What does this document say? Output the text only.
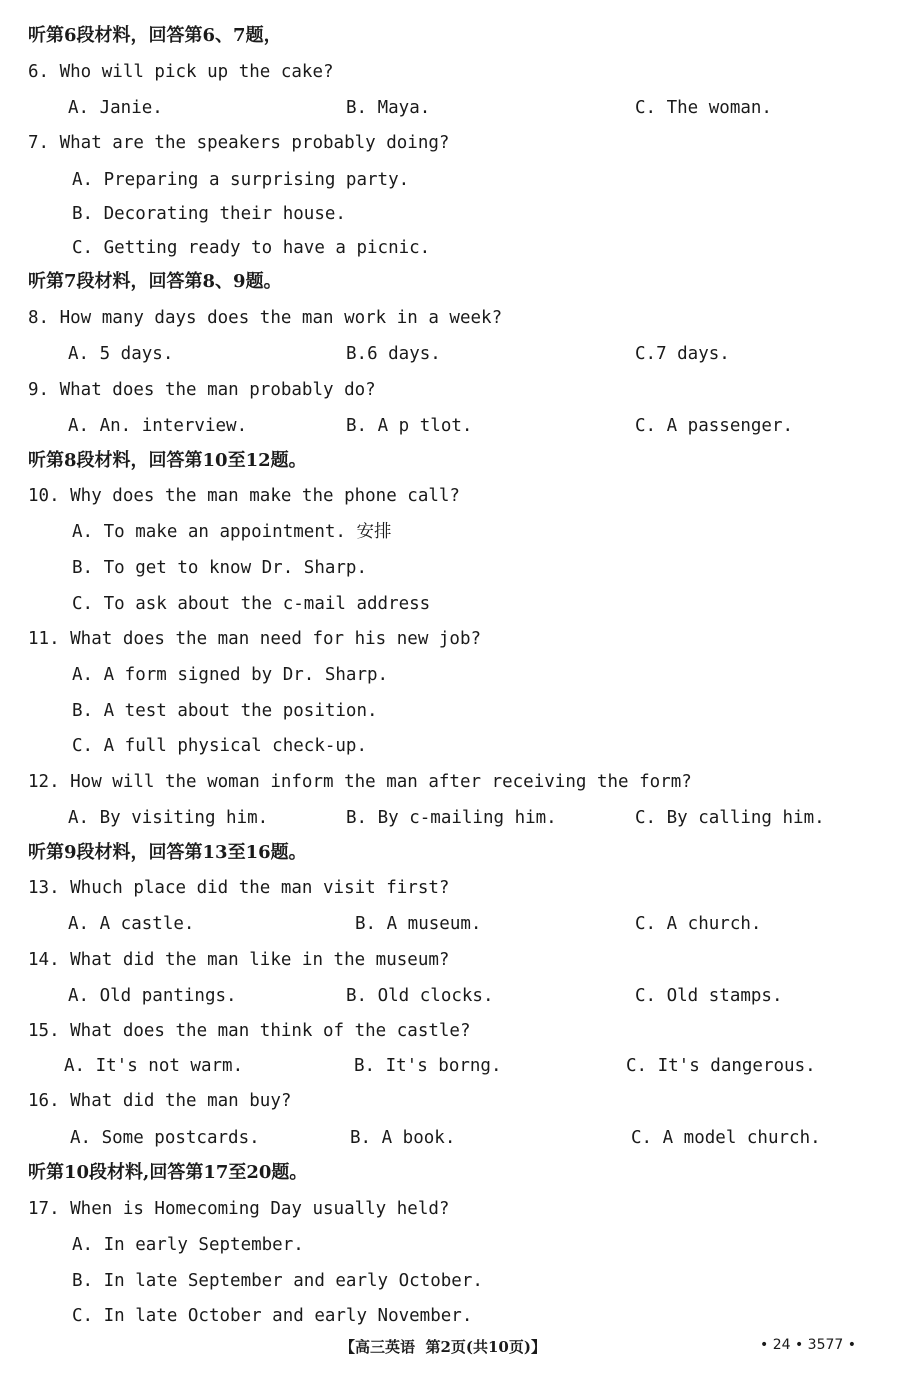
听第6段材料，回答第6、7题，
6. Who will pick up the cake?
A. Janie.	B. Maya.	C. The woman.
7. What are the speakers probably doing?
A. Preparing a surprising party.
B. Decorating their house.
C. Getting ready to have a picnic.
听第7段材料，回答第8、9题。
8. How many days does the man work in a week?
A. 5 days.	B.6 days.	C.7 days.
9. What does the man probably do?
A. An. interview.	B. A p tlot.	C. A passenger.
听第8段材料，回答第10至12题。
10. Why does the man make the phone call?
A. To make an appointment. 安排
B. To get to know Dr. Sharp.
C. To ask about the c-mail address
11. What does the man need for his new job?
A. A form signed by Dr. Sharp.
B. A test about the position.
C. A full physical check-up.
12. How will the woman inform the man after receiving the form?
A. By visiting him.	B. By c-mailing him.	C. By calling him.
听第9段材料，回答第13至16题。
13. Whuch place did the man visit first?
A. A castle.	B. A museum.	C. A church.
14. What did the man like in the museum?
A. Old pantings.	B. Old clocks.	C. Old stamps.
15. What does the man think of the castle?
A. It's not warm.	B. It's borng.	C. It's dangerous.
16. What did the man buy?
A. Some postcards.	B. A book.	C. A model church.
听第10段材料,回答第17至20题。
17. When is Homecoming Day usually held?
A. In early September.
B. In late September and early October.
C. In late October and early November.
【高三英语  第2页(共10页)】	• 24 • 3577 •
